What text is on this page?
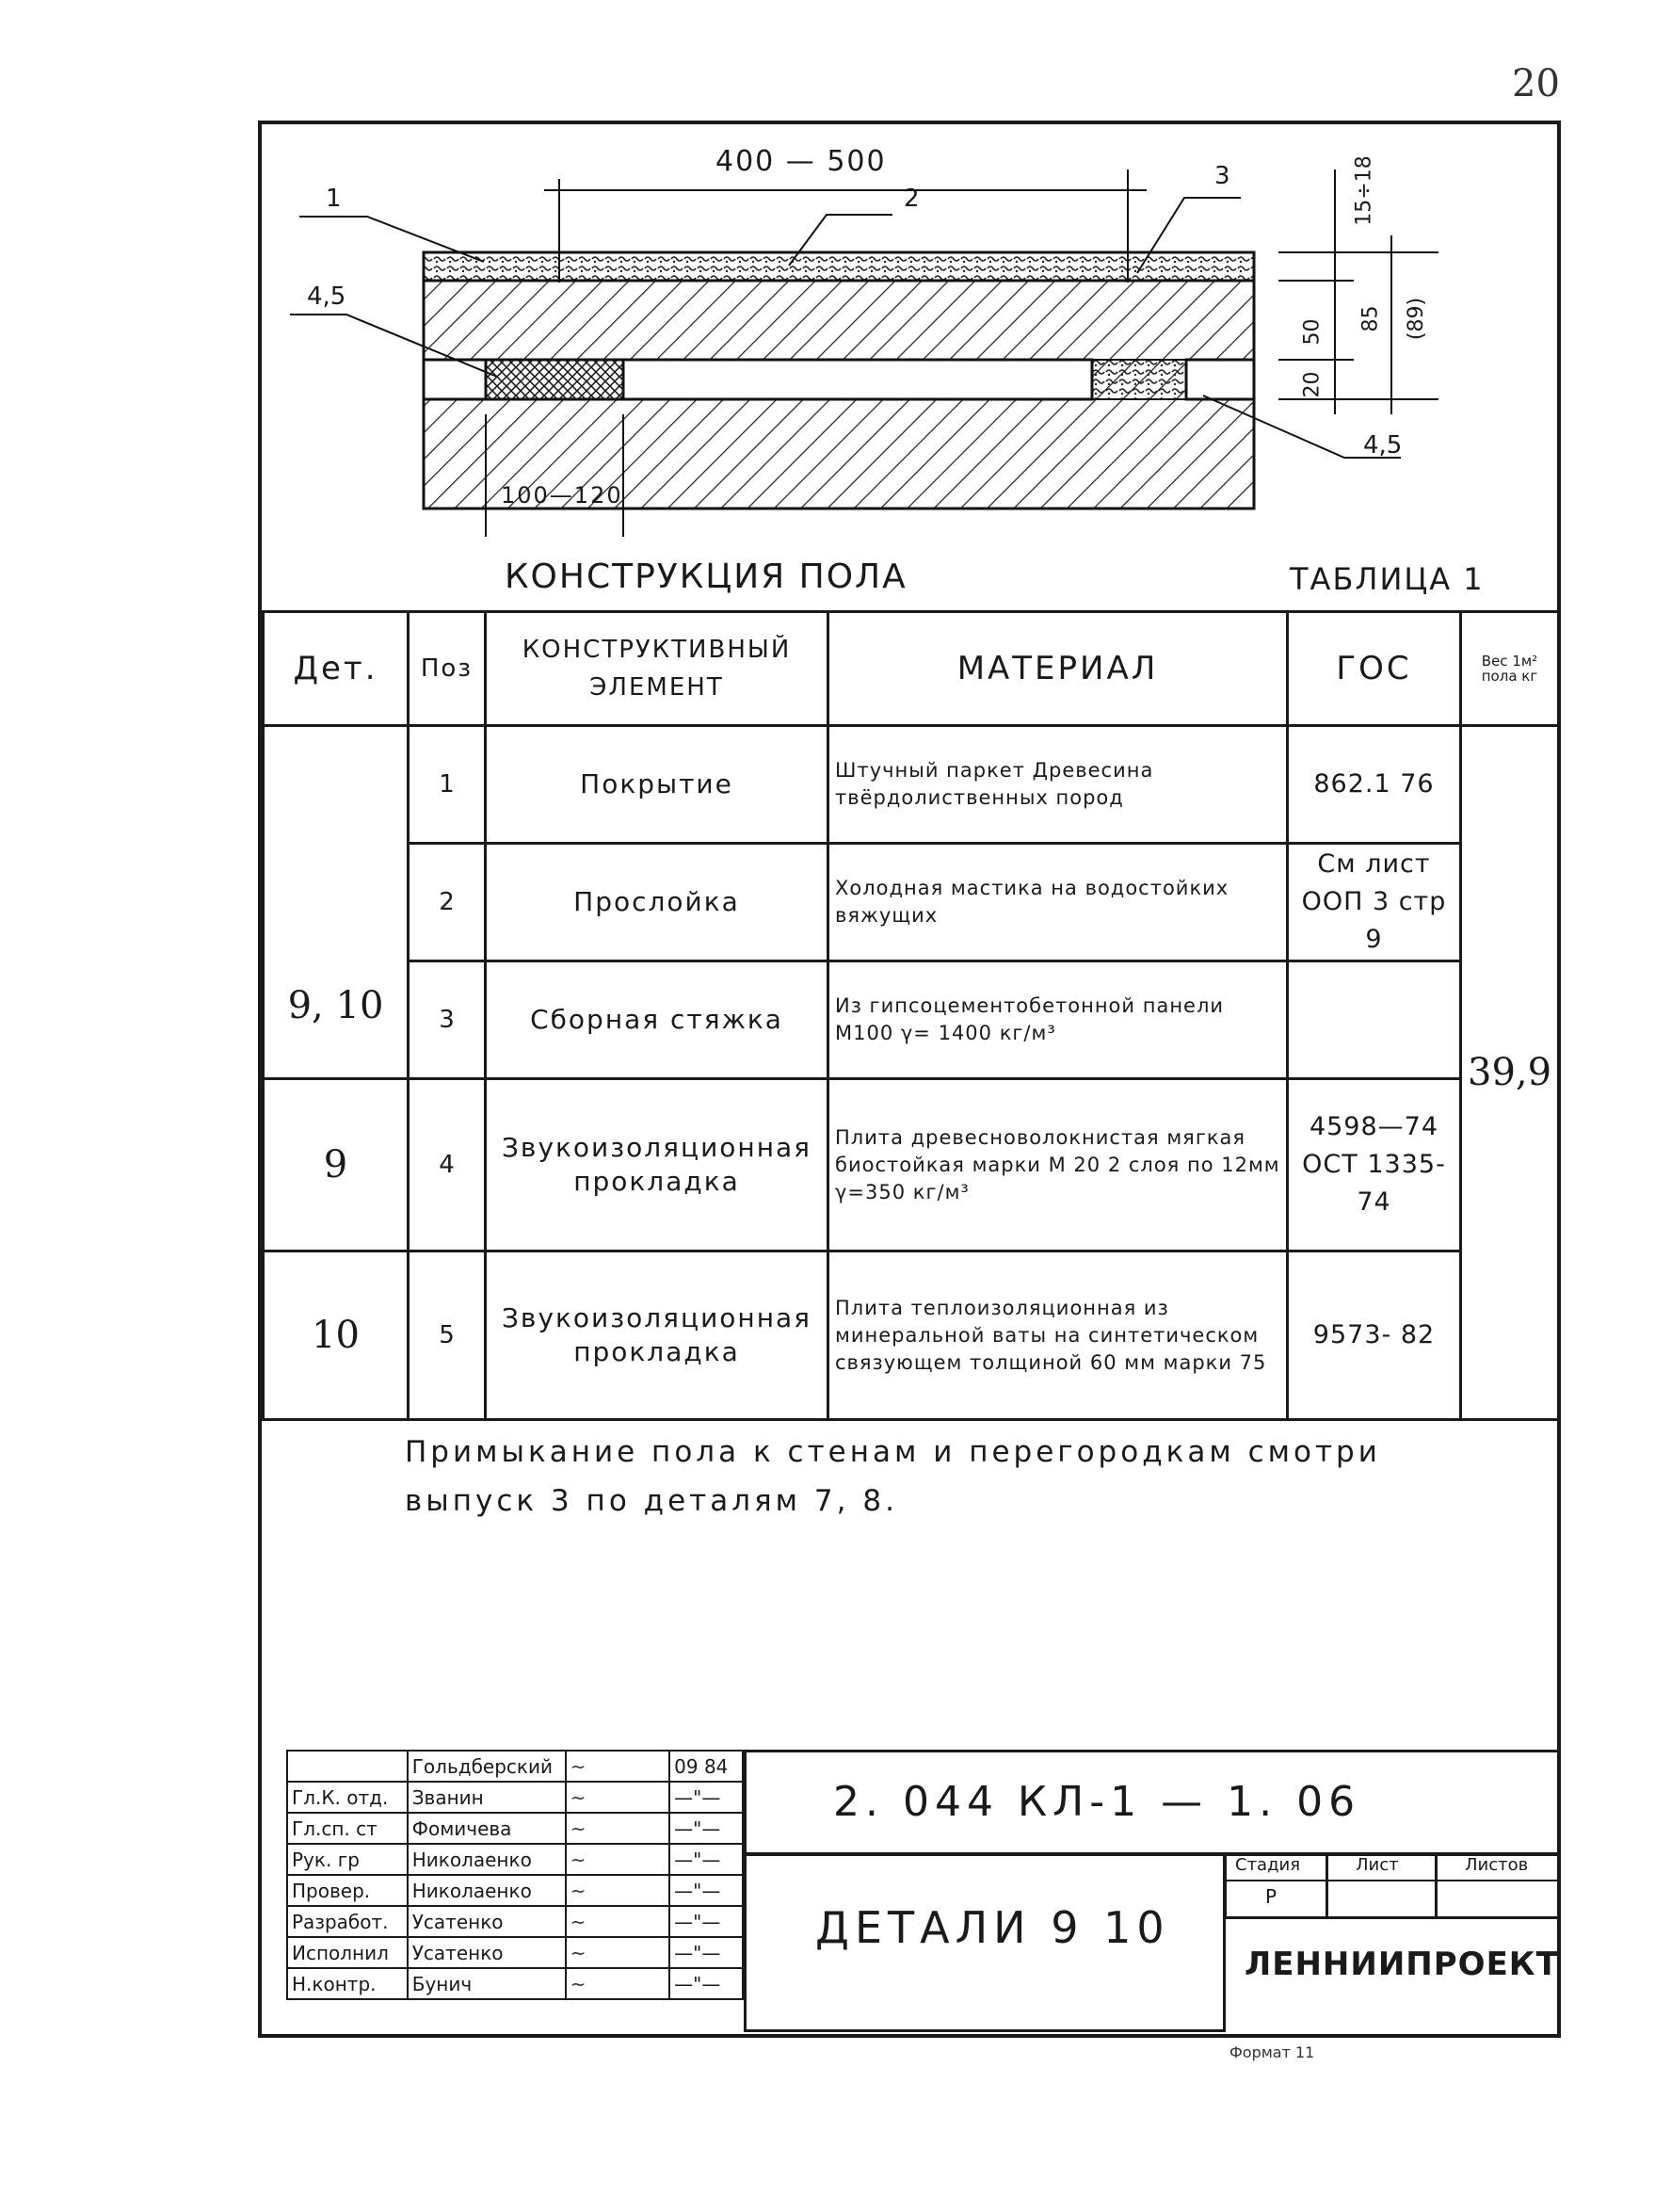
20
400 — 500
1	2
3
4,5
4,5
15÷18
20
50 85 (89)
100—120
КОНСТРУКЦИЯ ПОЛА	ТАБЛИЦА 1
Дет.	Поз	КОНСТРУКТИВНЫЙ ЭЛЕМЕНТ	МАТЕРИАЛ	ГОС	Вес 1м² пола кг

9, 10	1	Покрытие	Штучный паркет Древесина твёрдолиственных пород	862.1 76	39,9
	2	Прослойка	Холодная мастика на водостойких вяжущих	См лист ООП 3 стр 9	
	3	Сборная стяжка	Из гипсоцементобетонной панели М100 γ= 1400 кг/м³		
9	4	Звукоизоляционная прокладка	Плита древесноволокнистая мягкая биостойкая марки М 20 2 слоя по 12мм γ=350 кг/м³	4598—74 ОСТ 1335-74	
10	5	Звукоизоляционная прокладка	Плита теплоизоляционная из минеральной ваты на синтетическом связующем толщиной 60 мм марки 75	9573- 82	
Примыкание пола к стенам и перегородкам смотри
выпуск 3 по деталям 7, 8.
	Гольдберский	~	09 84
Гл.К. отд.	Званин	~	—"—
Гл.сп. ст	Фомичева	~	—"—
Рук. гр	Николаенко	~	—"—
Провер.	Николаенко	~	—"—
Разработ.	Усатенко	~	—"—
Исполнил	Усатенко	~	—"—
Н.контр.	Бунич	~	—"—
2. 044 КЛ-1 — 1. 06
ДЕТАЛИ 9 10
Стадия	Лист	Листов
Р
ЛЕННИИПРОЕКТ
Формат 11
